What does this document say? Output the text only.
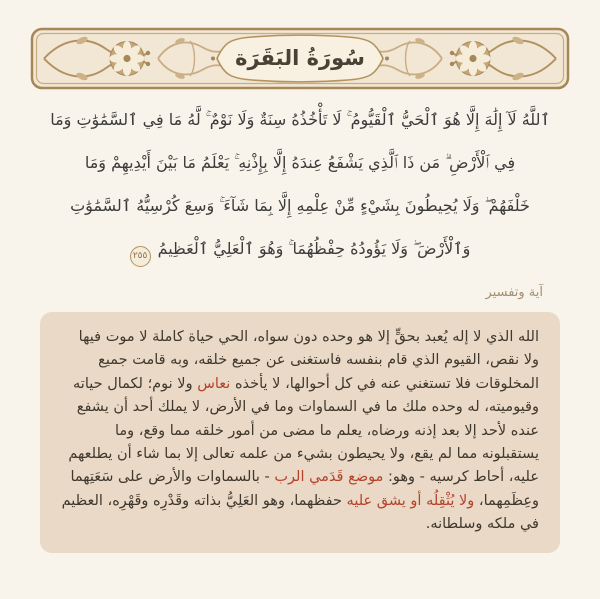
سُورَةُ البَقَرَة
ٱللَّهُ لَآ إِلَٰهَ إِلَّا هُوَ ٱلْحَيُّ ٱلْقَيُّومُ ۚ لَا تَأْخُذُهُ سِنَةٌ وَلَا نَوْمٌ ۚ لَّهُ مَا فِي ٱلسَّمَٰوَٰتِ وَمَا
فِي ٱلْأَرْضِ ۗ مَن ذَا ٱلَّذِي يَشْفَعُ عِندَهُ إِلَّا بِإِذْنِهِ ۚ يَعْلَمُ مَا بَيْنَ أَيْدِيهِمْ وَمَا
خَلْفَهُمْ ۖ وَلَا يُحِيطُونَ بِشَيْءٍ مِّنْ عِلْمِهِ إِلَّا بِمَا شَآءَ ۚ وَسِعَ كُرْسِيُّهُ ٱلسَّمَٰوَٰتِ
وَٱلْأَرْضَ ۖ وَلَا يَؤُودُهُ حِفْظُهُمَا ۚ وَهُوَ ٱلْعَلِيُّ ٱلْعَظِيمُ٢٥٥
آية وتفسير

الله الذي لا إله يُعبد بحقٍّ إلا هو وحده دون سواه، الحي حياة كاملة لا موت فيها ولا نقص، القيوم الذي قام بنفسه فاستغنى عن جميع خلقه، وبه قامت جميع المخلوقات فلا تستغني عنه في كل أحوالها، لا يأخذه نعاس ولا نوم؛ لكمال حياته وقيوميته، له وحده ملك ما في السماوات وما في الأرض، لا يملك أحد أن يشفع عنده لأحد إلا بعد إذنه ورضاه، يعلم ما مضى من أمور خلقه مما وقع، وما يستقبلونه مما لم يقع، ولا يحيطون بشيء من علمه تعالى إلا بما شاء أن يطلعهم عليه، أحاط كرسيه - وهو: موضع قَدَمي الرب - بالسماوات والأرض على سَعَتِهما وعِظَمِهما، ولا يُثْقِلُه أو يشق عليه حفظهما، وهو العَلِيُّ بذاته وقَدْرِه وقَهْرِه، العظيم في ملكه وسلطانه.
